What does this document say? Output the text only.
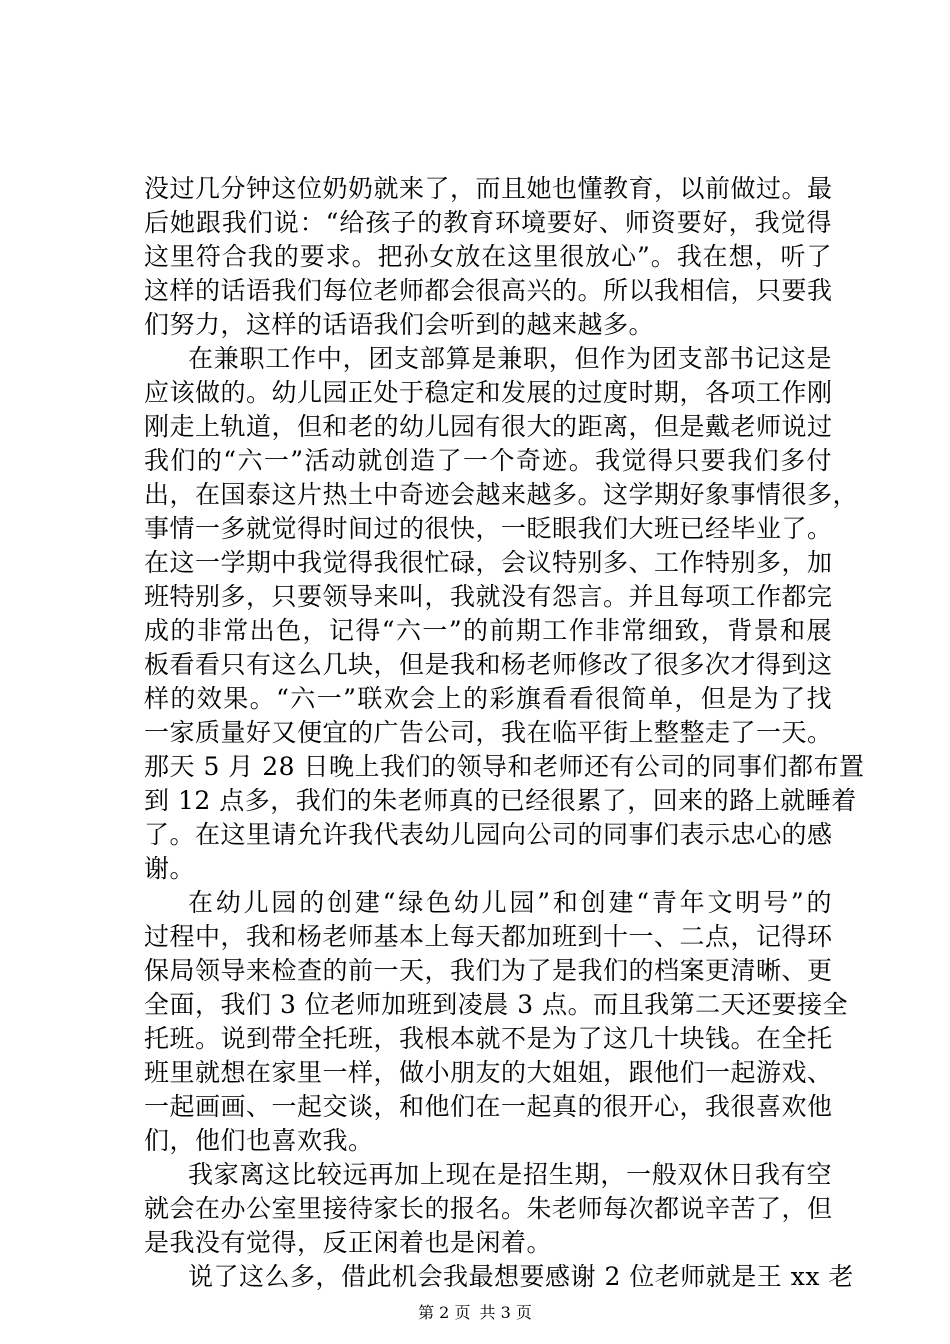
没过几分钟这位奶奶就来了，而且她也懂教育，以前做过。最
后她跟我们说：“给孩子的教育环境要好、师资要好，我觉得
这里符合我的要求。把孙女放在这里很放心”。我在想，听了
这样的话语我们每位老师都会很高兴的。所以我相信，只要我
们努力，这样的话语我们会听到的越来越多。
在兼职工作中，团支部算是兼职，但作为团支部书记这是
应该做的。幼儿园正处于稳定和发展的过度时期，各项工作刚
刚走上轨道，但和老的幼儿园有很大的距离，但是戴老师说过
我们的“六一”活动就创造了一个奇迹。我觉得只要我们多付
出，在国泰这片热土中奇迹会越来越多。这学期好象事情很多，
事情一多就觉得时间过的很快，一眨眼我们大班已经毕业了。
在这一学期中我觉得我很忙碌，会议特别多、工作特别多，加
班特别多，只要领导来叫，我就没有怨言。并且每项工作都完
成的非常出色，记得“六一”的前期工作非常细致，背景和展
板看看只有这么几块，但是我和杨老师修改了很多次才得到这
样的效果。“六一”联欢会上的彩旗看看很简单，但是为了找
一家质量好又便宜的广告公司，我在临平街上整整走了一天。
那天 5 月 28 日晚上我们的领导和老师还有公司的同事们都布置
到 12 点多，我们的朱老师真的已经很累了，回来的路上就睡着
了。在这里请允许我代表幼儿园向公司的同事们表示忠心的感
谢。
在幼儿园的创建“绿色幼儿园”和创建“青年文明号”的
过程中，我和杨老师基本上每天都加班到十一、二点，记得环
保局领导来检查的前一天，我们为了是我们的档案更清晰、更
全面，我们 3 位老师加班到凌晨 3 点。而且我第二天还要接全
托班。说到带全托班，我根本就不是为了这几十块钱。在全托
班里就想在家里一样，做小朋友的大姐姐，跟他们一起游戏、
一起画画、一起交谈，和他们在一起真的很开心，我很喜欢他
们，他们也喜欢我。
我家离这比较远再加上现在是招生期，一般双休日我有空
就会在办公室里接待家长的报名。朱老师每次都说辛苦了，但
是我没有觉得，反正闲着也是闲着。
说了这么多，借此机会我最想要感谢 2 位老师就是王 xx 老
第 2 页 共 3 页
